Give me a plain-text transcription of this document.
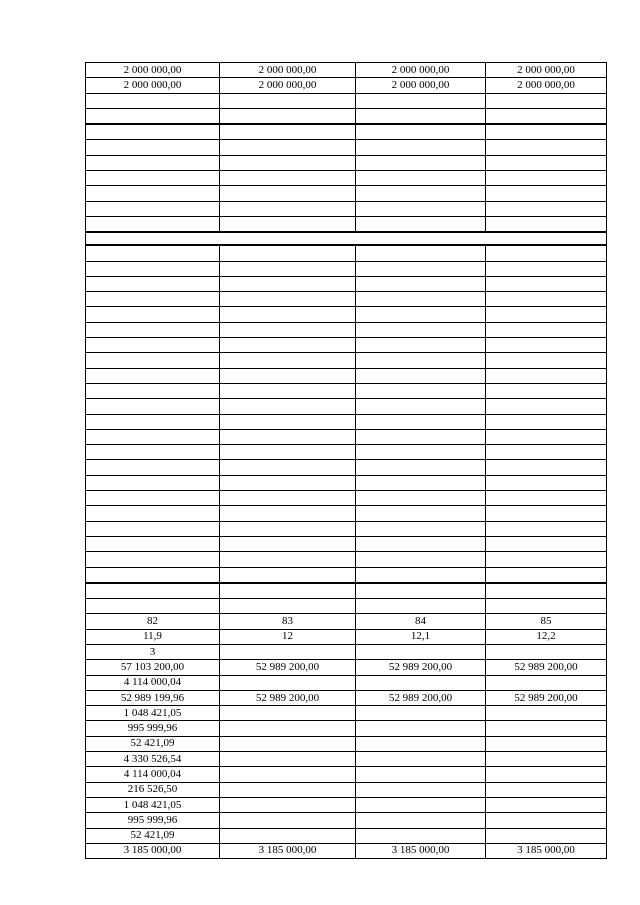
2 000 000,00	2 000 000,00	2 000 000,00	2 000 000,00
2 000 000,00	2 000 000,00	2 000 000,00	2 000 000,00

82	83	84	85
11,9	12	12,1	12,2
3			
57 103 200,00	52 989 200,00	52 989 200,00	52 989 200,00
4 114 000,04			
52 989 199,96	52 989 200,00	52 989 200,00	52 989 200,00
1 048 421,05			
995 999,96			
52 421,09			
4 330 526,54			
4 114 000,04			
216 526,50			
1 048 421,05			
995 999,96			
52 421,09			
3 185 000,00	3 185 000,00	3 185 000,00	3 185 000,00
